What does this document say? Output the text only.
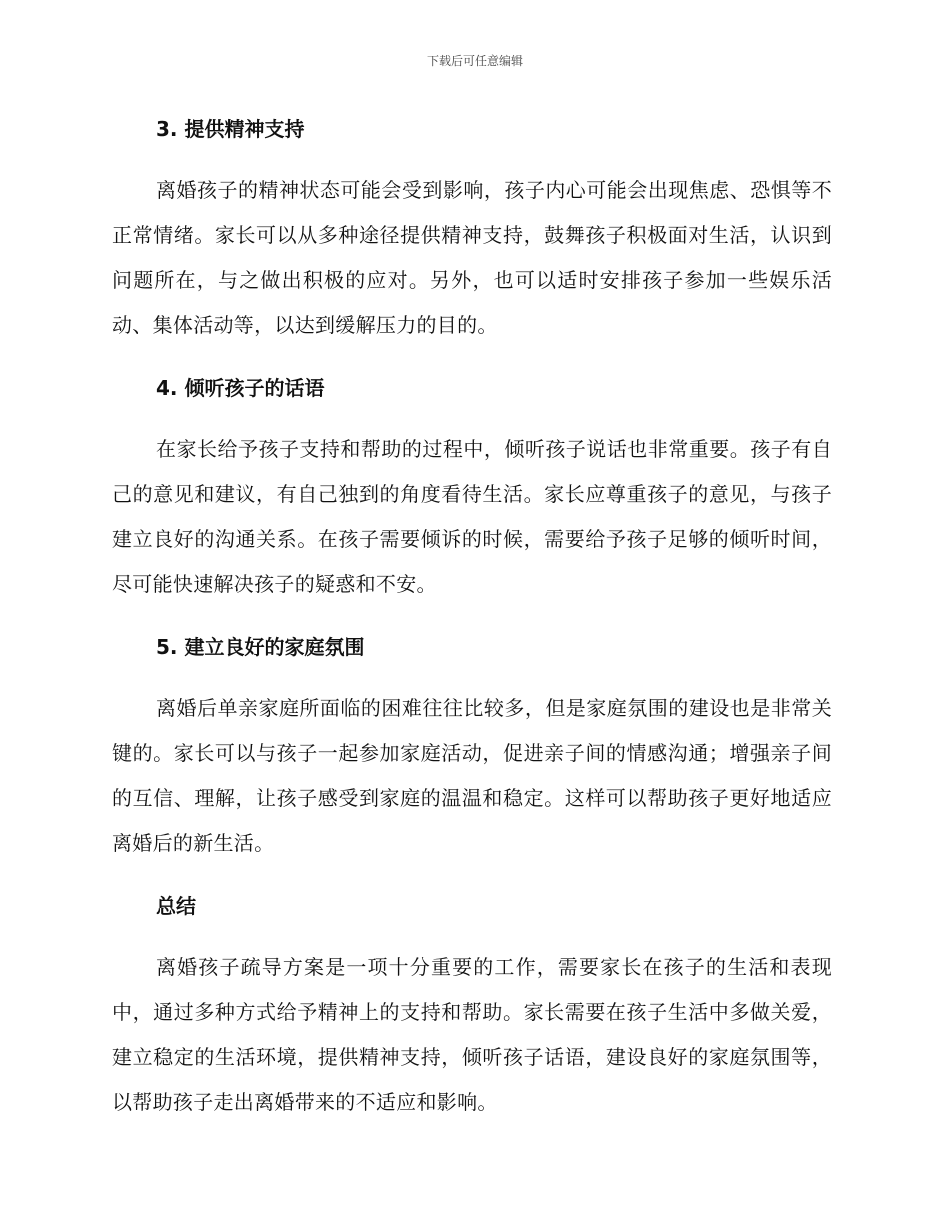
下载后可任意编辑
3. 提供精神支持

离婚孩子的精神状态可能会受到影响，孩子内心可能会出现焦虑、恐惧等不正常情绪。家长可以从多种途径提供精神支持，鼓舞孩子积极面对生活，认识到问题所在，与之做出积极的应对。另外，也可以适时安排孩子参加一些娱乐活动、集体活动等，以达到缓解压力的目的。

4. 倾听孩子的话语

在家长给予孩子支持和帮助的过程中，倾听孩子说话也非常重要。孩子有自己的意见和建议，有自己独到的角度看待生活。家长应尊重孩子的意见，与孩子建立良好的沟通关系。在孩子需要倾诉的时候，需要给予孩子足够的倾听时间，尽可能快速解决孩子的疑惑和不安。

5. 建立良好的家庭氛围

离婚后单亲家庭所面临的困难往往比较多，但是家庭氛围的建设也是非常关键的。家长可以与孩子一起参加家庭活动，促进亲子间的情感沟通；增强亲子间的互信、理解，让孩子感受到家庭的温温和稳定。这样可以帮助孩子更好地适应离婚后的新生活。

总结

离婚孩子疏导方案是一项十分重要的工作，需要家长在孩子的生活和表现中，通过多种方式给予精神上的支持和帮助。家长需要在孩子生活中多做关爱，建立稳定的生活环境，提供精神支持，倾听孩子话语，建设良好的家庭氛围等，以帮助孩子走出离婚带来的不适应和影响。
